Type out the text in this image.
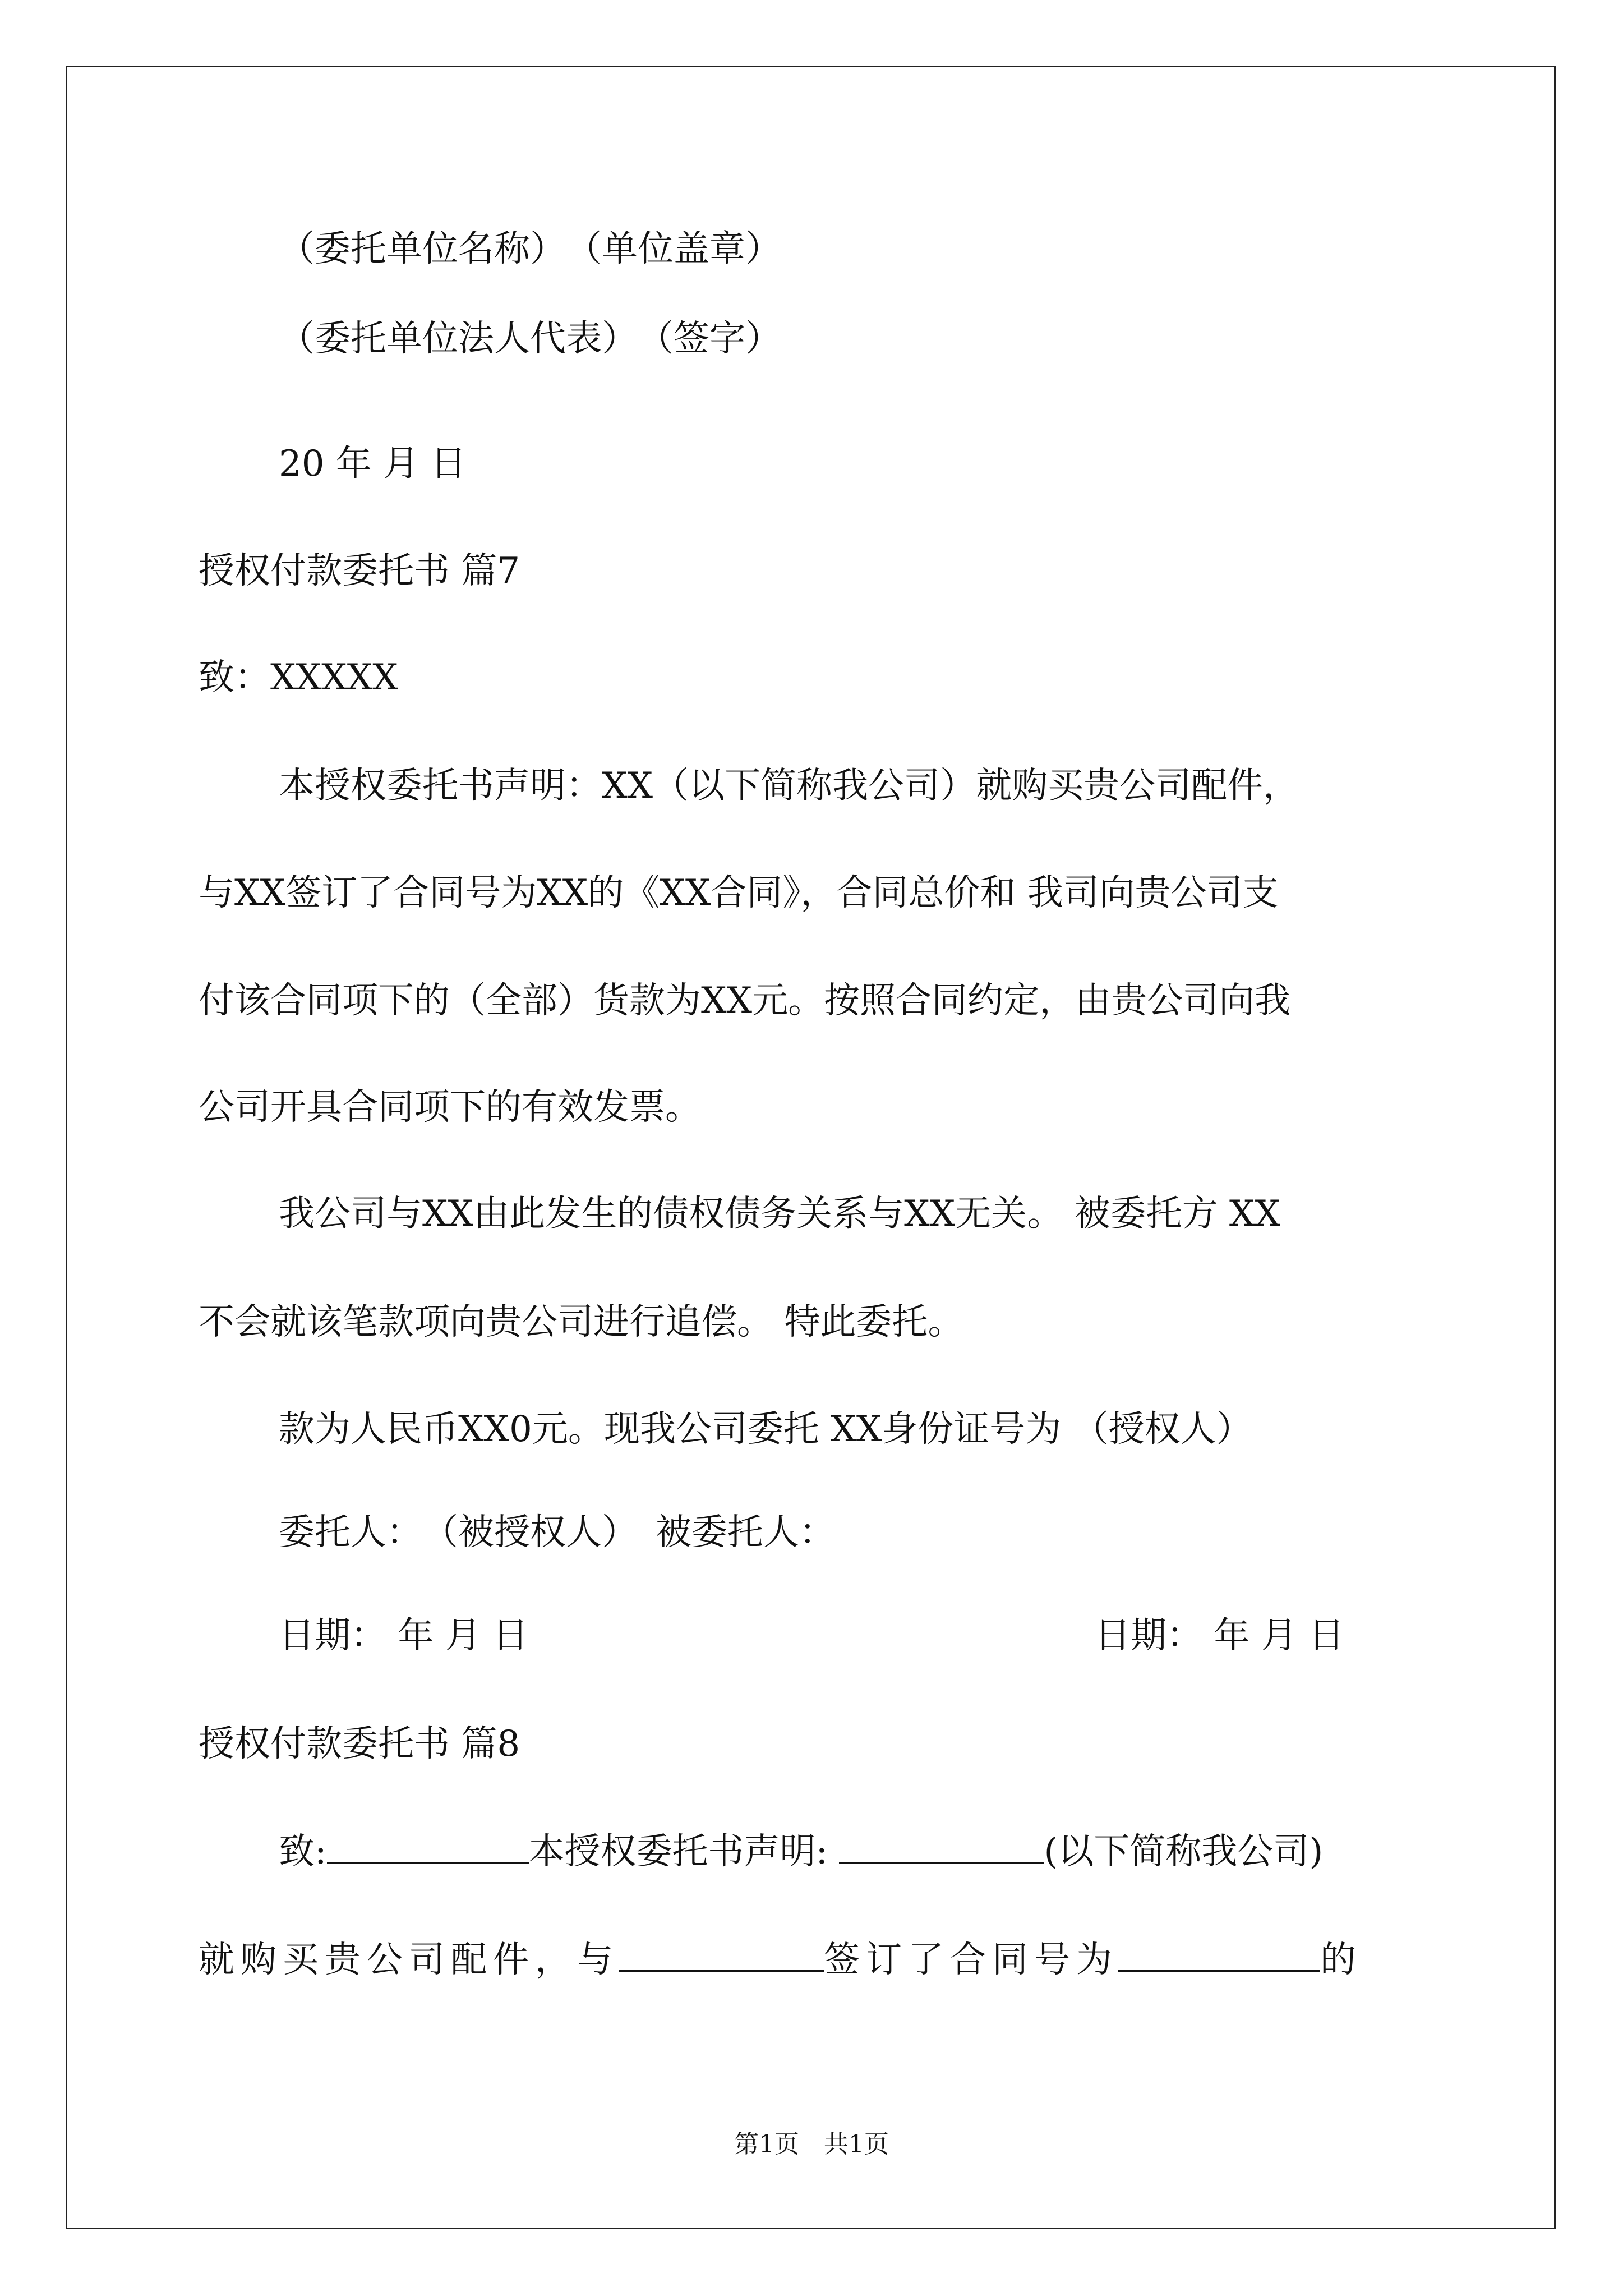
（委托单位名称）　（单位盖章）
（委托单位法人代表）　（签字）
20 年 月 日
授权付款委托书 篇7
致：XXXXX
本授权委托书声明：XX（以下简称我公司）就购买贵公司配件，
与XX签订了合同号为XX的《XX合同》，合同总价和 我司向贵公司支
付该合同项下的（全部）货款为XX元。按照合同约定，由贵公司向我
公司开具合同项下的有效发票。
我公司与XX由此发生的债权债务关系与XX无关。 被委托方 XX
不会就该笔款项向贵公司进行追偿。 特此委托。
款为人民币XX0元。现我公司委托 XX身份证号为 （授权人）
委托人：　（被授权人）　被委托人：
日期： 年 月 日	日期： 年 月 日
授权付款委托书 篇8
致:	本授权委托书声明:	(以下简称我公司)
就购买贵公司配件，与	签订了合同号为	的
第1页　共1页
